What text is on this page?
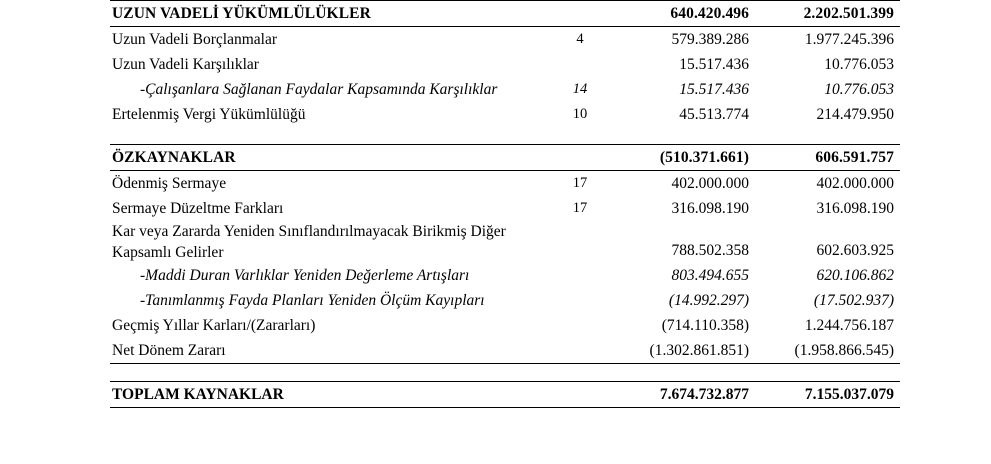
UZUN VADELİ YÜKÜMLÜLÜKLER		640.420.496	2.202.501.399
Uzun Vadeli Borçlanmalar	4	579.389.286	1.977.245.396
Uzun Vadeli Karşılıklar		15.517.436	10.776.053
-Çalışanlara Sağlanan Faydalar Kapsamında Karşılıklar	14	15.517.436	10.776.053
Ertelenmiş Vergi Yükümlülüğü	10	45.513.774	214.479.950

ÖZKAYNAKLAR		(510.371.661)	606.591.757
Ödenmiş Sermaye	17	402.000.000	402.000.000
Sermaye Düzeltme Farkları	17	316.098.190	316.098.190
Kar veya Zararda Yeniden Sınıflandırılmayacak Birikmiş Diğer Kapsamlı Gelirler		788.502.358	602.603.925
-Maddi Duran Varlıklar Yeniden Değerleme Artışları		803.494.655	620.106.862
-Tanımlanmış Fayda Planları Yeniden Ölçüm Kayıpları		(14.992.297)	(17.502.937)
Geçmiş Yıllar Karları/(Zararları)		(714.110.358)	1.244.756.187
Net Dönem Zararı		(1.302.861.851)	(1.958.866.545)

TOPLAM KAYNAKLAR		7.674.732.877	7.155.037.079
